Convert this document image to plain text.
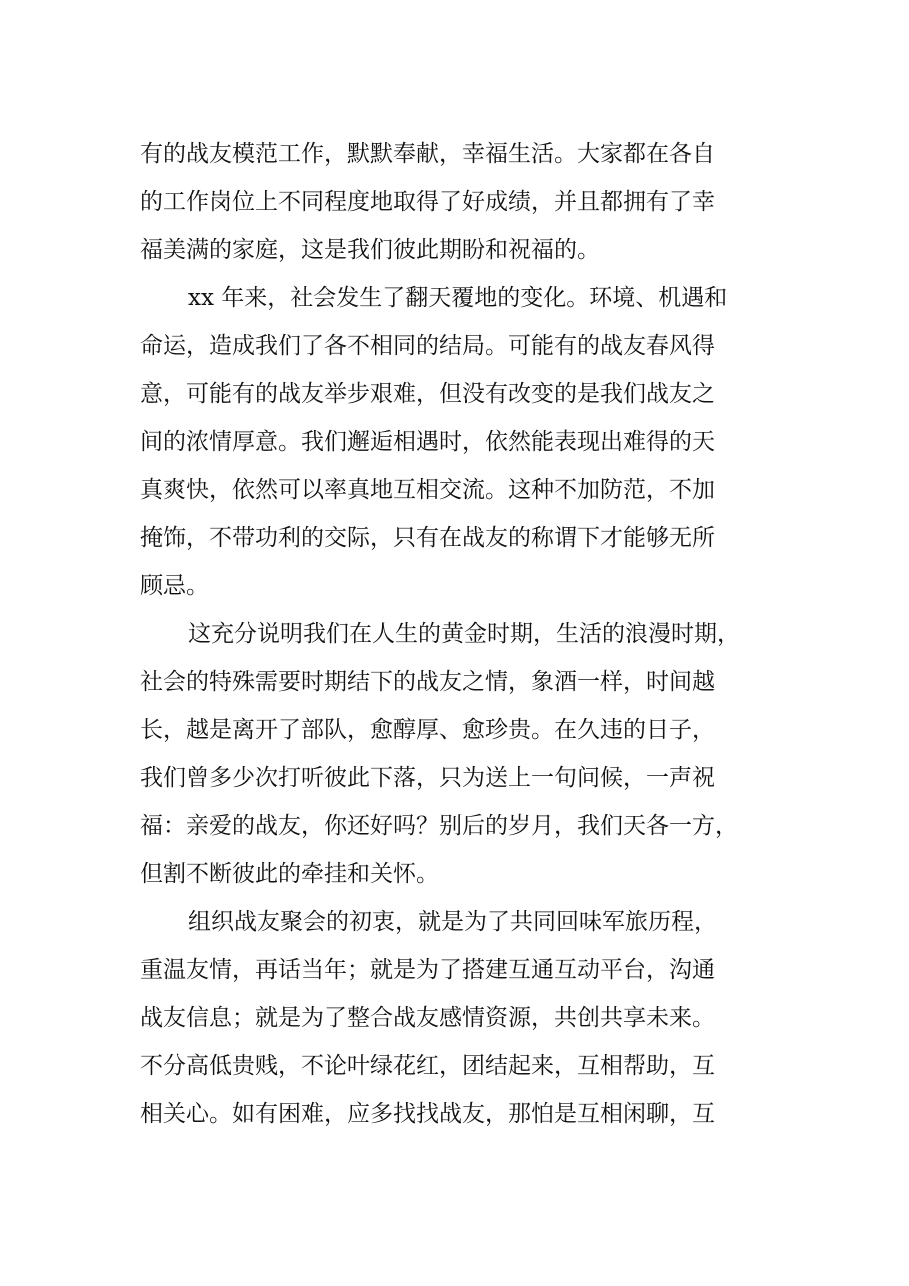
有的战友模范工作，默默奉献，幸福生活。大家都在各自
的工作岗位上不同程度地取得了好成绩，并且都拥有了幸
福美满的家庭，这是我们彼此期盼和祝福的。
xx 年来，社会发生了翻天覆地的变化。环境、机遇和
命运，造成我们了各不相同的结局。可能有的战友春风得
意，可能有的战友举步艰难，但没有改变的是我们战友之
间的浓情厚意。我们邂逅相遇时，依然能表现出难得的天
真爽快，依然可以率真地互相交流。这种不加防范，不加
掩饰，不带功利的交际，只有在战友的称谓下才能够无所
顾忌。
这充分说明我们在人生的黄金时期，生活的浪漫时期，
社会的特殊需要时期结下的战友之情，象酒一样，时间越
长，越是离开了部队，愈醇厚、愈珍贵。在久违的日子，
我们曾多少次打听彼此下落，只为送上一句问候，一声祝
福：亲爱的战友，你还好吗？别后的岁月，我们天各一方，
但割不断彼此的牵挂和关怀。
组织战友聚会的初衷，就是为了共同回味军旅历程，
重温友情，再话当年；就是为了搭建互通互动平台，沟通
战友信息；就是为了整合战友感情资源，共创共享未来。
不分高低贵贱，不论叶绿花红，团结起来，互相帮助，互
相关心。如有困难，应多找找战友，那怕是互相闲聊，互
